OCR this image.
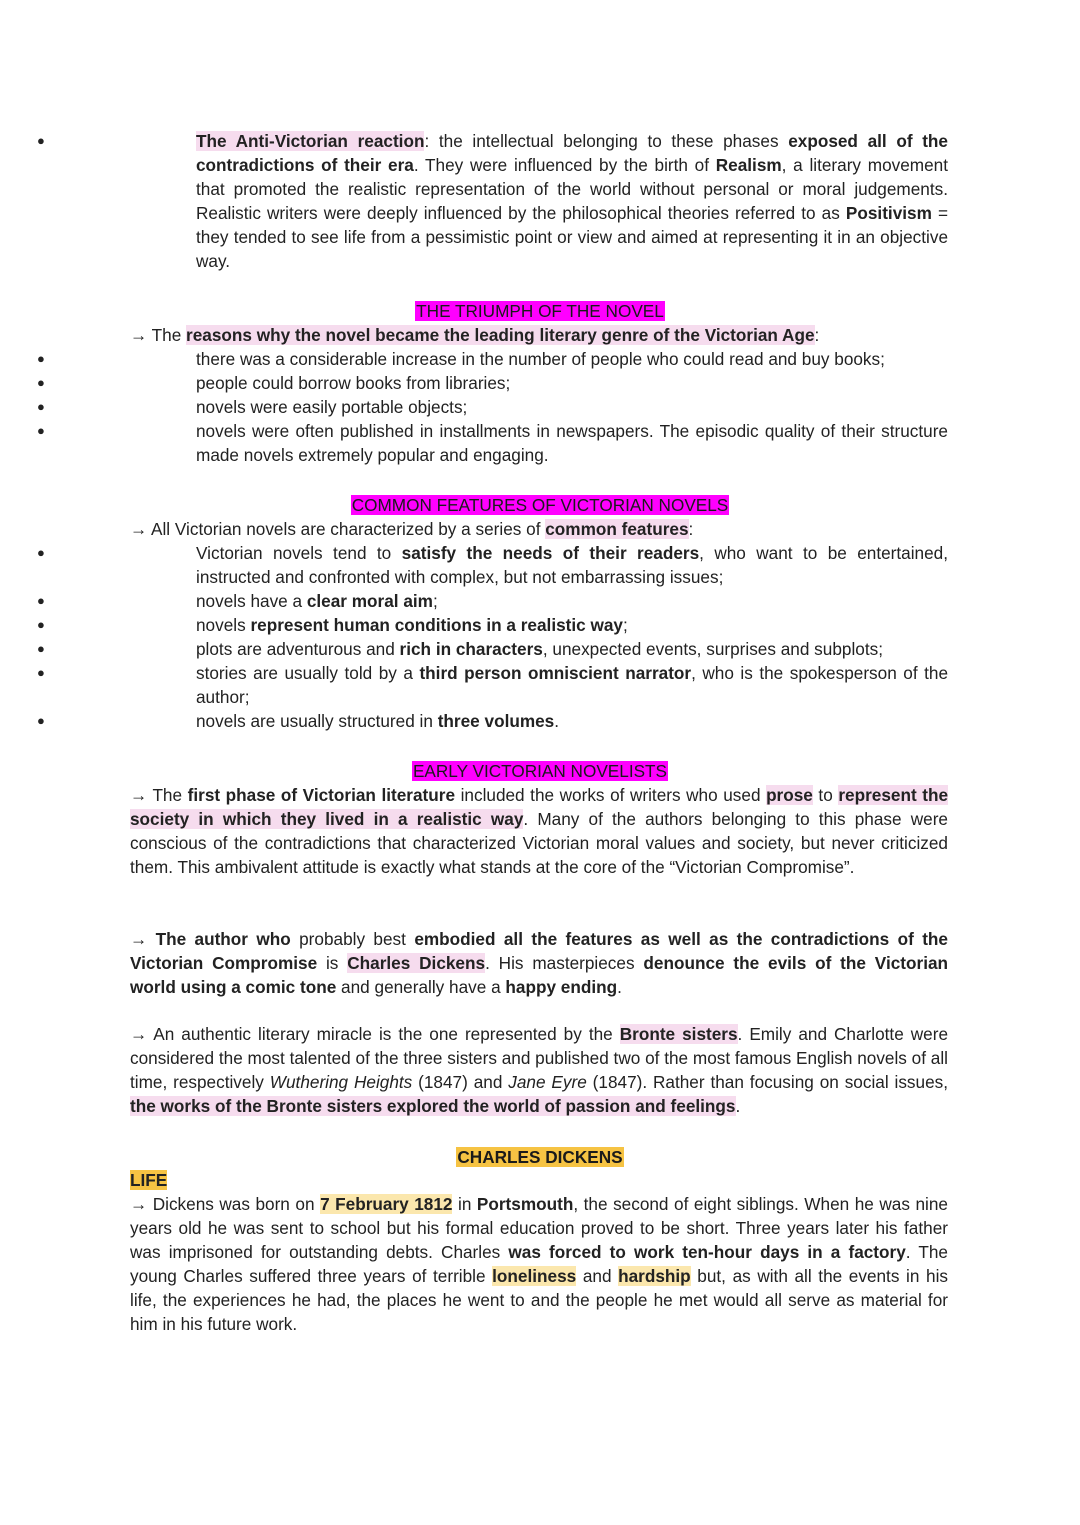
● The Anti-Victorian reaction: the intellectual belonging to these phases exposed all of the contradictions of their era. They were influenced by the birth of Realism, a literary movement that promoted the realistic representation of the world without personal or moral judgements. Realistic writers were deeply influenced by the philosophical theories referred to as Positivism = they tended to see life from a pessimistic point or view and aimed at representing it in an objective way.
THE TRIUMPH OF THE NOVEL
→ The reasons why the novel became the leading literary genre of the Victorian Age:
● there was a considerable increase in the number of people who could read and buy books;
● people could borrow books from libraries;
● novels were easily portable objects;
● novels were often published in installments in newspapers. The episodic quality of their structure made novels extremely popular and engaging.
COMMON FEATURES OF VICTORIAN NOVELS
→ All Victorian novels are characterized by a series of common features:
● Victorian novels tend to satisfy the needs of their readers, who want to be entertained, instructed and confronted with complex, but not embarrassing issues;
● novels have a clear moral aim;
● novels represent human conditions in a realistic way;
● plots are adventurous and rich in characters, unexpected events, surprises and subplots;
● stories are usually told by a third person omniscient narrator, who is the spokesperson of the author;
● novels are usually structured in three volumes.
EARLY VICTORIAN NOVELISTS
→ The first phase of Victorian literature included the works of writers who used prose to represent the society in which they lived in a realistic way. Many of the authors belonging to this phase were conscious of the contradictions that characterized Victorian moral values and society, but never criticized them. This ambivalent attitude is exactly what stands at the core of the “Victorian Compromise”.
→ The author who probably best embodied all the features as well as the contradictions of the Victorian Compromise is Charles Dickens. His masterpieces denounce the evils of the Victorian world using a comic tone and generally have a happy ending.
→ An authentic literary miracle is the one represented by the Bronte sisters. Emily and Charlotte were considered the most talented of the three sisters and published two of the most famous English novels of all time, respectively Wuthering Heights (1847) and Jane Eyre (1847). Rather than focusing on social issues, the works of the Bronte sisters explored the world of passion and feelings.
CHARLES DICKENS
LIFE
→ Dickens was born on 7 February 1812 in Portsmouth, the second of eight siblings. When he was nine years old he was sent to school but his formal education proved to be short. Three years later his father was imprisoned for outstanding debts. Charles was forced to work ten-hour days in a factory. The young Charles suffered three years of terrible loneliness and hardship but, as with all the events in his life, the experiences he had, the places he went to and the people he met would all serve as material for him in his future work.
